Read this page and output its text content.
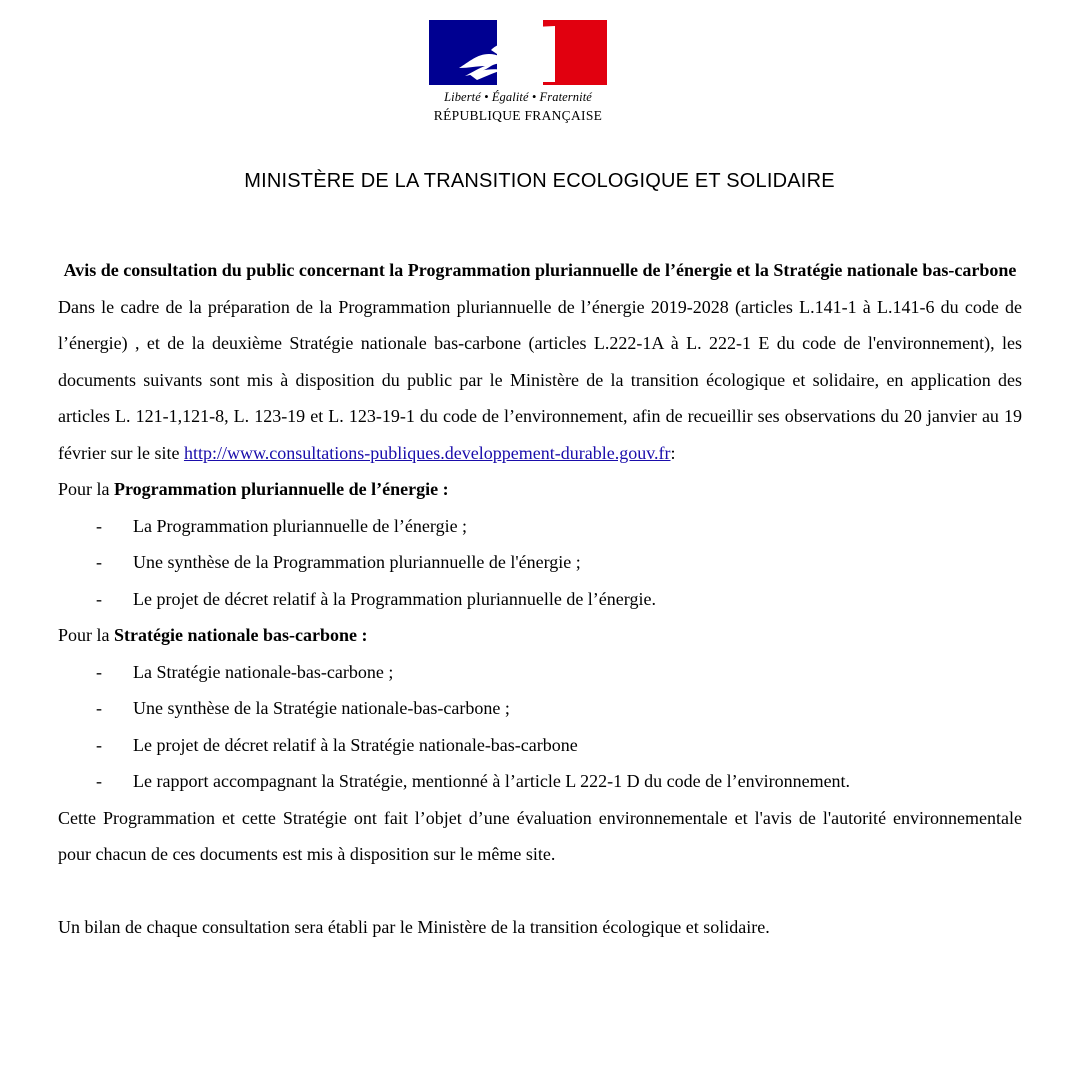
Liberté • Égalité • Fraternité
RÉPUBLIQUE FRANÇAISE
MINISTÈRE DE LA TRANSITION ECOLOGIQUE ET SOLIDAIRE

Avis de consultation du public concernant la Programmation pluriannuelle de l’énergie et la Stratégie nationale bas-carbone

Dans le cadre de la préparation de la Programmation pluriannuelle de l’énergie 2019-2028 (articles L.141-1 à L.141-6 du code de l’énergie) , et de la deuxième Stratégie nationale bas-carbone (articles L.222-1A à L. 222-1 E du code de l'environnement), les documents suivants sont mis à disposition du public par le Ministère de la transition écologique et solidaire, en application des articles L. 121-1,121-8, L. 123-19 et L. 123-19-1 du code de l’environnement, afin de recueillir ses observations du 20 janvier au 19 février sur le site http://www.consultations-publiques.developpement-durable.gouv.fr:

Pour la Programmation pluriannuelle de l’énergie :

- La Programmation pluriannuelle de l’énergie ;
- Une synthèse de la Programmation pluriannuelle de l'énergie ;
- Le projet de décret relatif à la Programmation pluriannuelle de l’énergie.

Pour la Stratégie nationale bas-carbone :

- La Stratégie nationale-bas-carbone ;
- Une synthèse de la Stratégie nationale-bas-carbone ;
- Le projet de décret relatif à la Stratégie nationale-bas-carbone
- Le rapport accompagnant la Stratégie, mentionné à l’article L 222-1 D du code de l’environnement.

Cette Programmation et cette Stratégie ont fait l’objet d’une évaluation environnementale et l'avis de l'autorité environnementale pour chacun de ces documents est mis à disposition sur le même site.

Un bilan de chaque consultation sera établi par le Ministère de la transition écologique et solidaire.
